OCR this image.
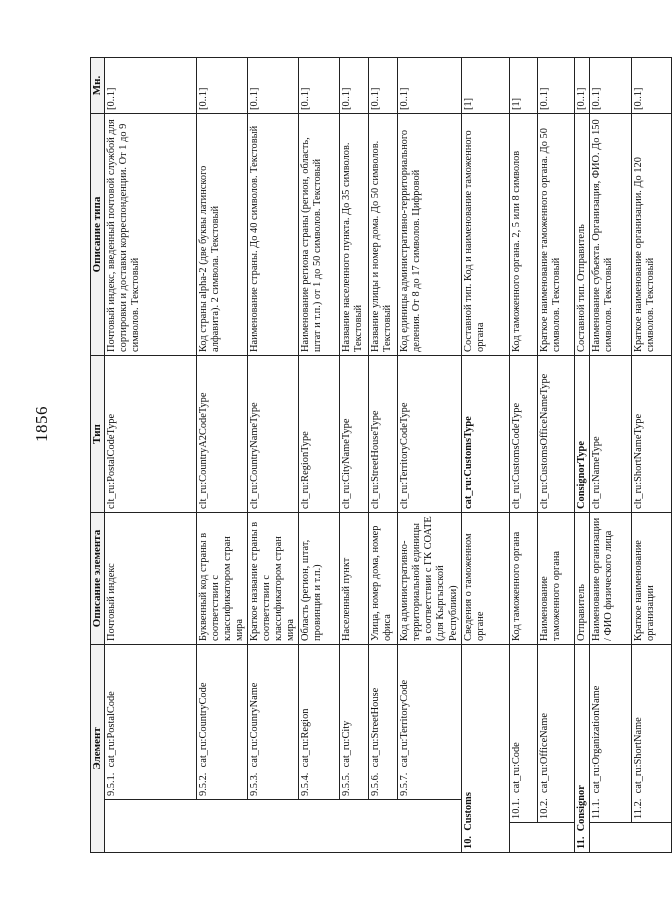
1856
Элемент			Описание элемента	Тип	Описание типа	Мн.
		9.5.1.  cat_ru:PostalCode	Почтовый индекс	clt_ru:PostalCodeType	Почтовый индекс, введенный почтовой службой для сортировки и доставки корреспонденции. От 1 до 9 символов. Текстовый	[0..1]
		9.5.2.  cat_ru:CountryCode	Буквенный код страны в соответствии с классификатором стран мира	clt_ru:CountryA2CodeType	Код страны alpha-2 (две буквы латинского алфавита). 2 символа. Текстовый	[0..1]
		9.5.3.  cat_ru:CounryName	Краткое название страны в соответствии с классификатором стран мира	clt_ru:CountryNameType	Наименование страны. До 40 символов. Текстовый	[0..1]
		9.5.4.  cat_ru:Region	Область (регион, штат, провинция и т.п.)	clt_ru:RegionType	Наименование региона страны (регион, область, штат и т.п.) от 1 до 50 символов. Текстовый	[0..1]
		9.5.5.  cat_ru:City	Населенный пункт	clt_ru:CityNameType	Название населенного пункта. До 35 символов. Текстовый	[0..1]
		9.5.6.  cat_ru:StreetHouse	Улица, номер дома, номер офиса	clt_ru:StreetHouseType	Название улицы и номер дома. До 50 символов. Текстовый	[0..1]
		9.5.7.  cat_ru:TerritoryCode	Код административно-территориальной единицы в соответствии с ГК СОАТЕ (для Кыргызской Республики)	clt_ru:TerritoryCodeType	Код единицы административно-территориального деления. От 8 до 17 символов. Цифровой	[0..1]
10.  Customs			Сведения о таможенном органе	cat_ru:CustomsType	Составной тип. Код и наименование таможенного органа	[1]
	10.1.  cat_ru:Code		Код таможенного органа	clt_ru:CustomsCodeType	Код таможенного органа. 2, 5 или 8 символов	[1]
	10.2.  cat_ru:OfficeName		Наименование таможенного органа	clt_ru:CustomsOfficeNameType	Краткое наименование таможенного органа. До 50 символов. Текстовый	[0..1]
11.  Consignor			Отправитель	ConsignorType	Составной тип. Отправитель	[0..1]
	11.1.  cat_ru:OrganizationName		Наименование организации / ФИО физического лица	clt_ru:NameType	Наименование субъекта. Организация, ФИО. До 150 символов. Текстовый	[0..1]
	11.2.  cat_ru:ShortName		Краткое наименование организации	clt_ru:ShortNameType	Краткое наименование организации. До 120 символов. Текстовый	[0..1]
